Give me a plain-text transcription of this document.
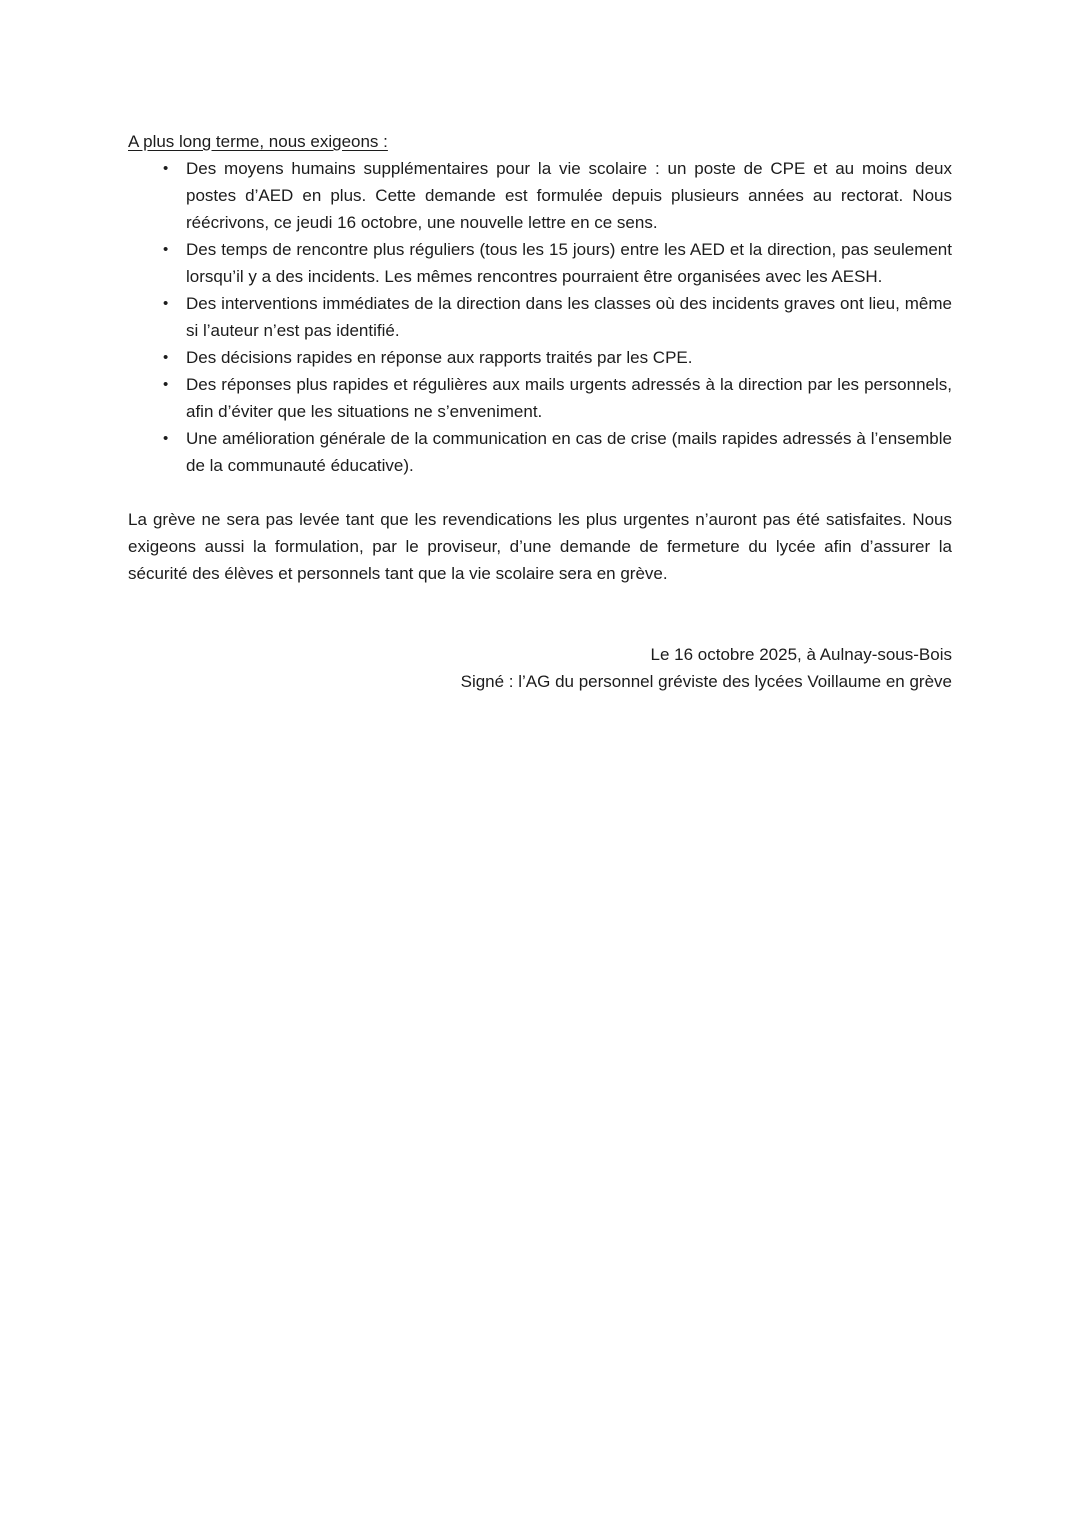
A plus long terme, nous exigeons :
• Des moyens humains supplémentaires pour la vie scolaire : un poste de CPE et au moins deux postes d’AED en plus. Cette demande est formulée depuis plusieurs années au rectorat. Nous réécrivons, ce jeudi 16 octobre, une nouvelle lettre en ce sens.
• Des temps de rencontre plus réguliers (tous les 15 jours) entre les AED et la direction, pas seulement lorsqu’il y a des incidents. Les mêmes rencontres pourraient être organisées avec les AESH.
• Des interventions immédiates de la direction dans les classes où des incidents graves ont lieu, même si l’auteur n’est pas identifié.
• Des décisions rapides en réponse aux rapports traités par les CPE.
• Des réponses plus rapides et régulières aux mails urgents adressés à la direction par les personnels, afin d’éviter que les situations ne s’enveniment.
• Une amélioration générale de la communication en cas de crise (mails rapides adressés à l’ensemble de la communauté éducative).

La grève ne sera pas levée tant que les revendications les plus urgentes n’auront pas été satisfaites. Nous exigeons aussi la formulation, par le proviseur, d’une demande de fermeture du lycée afin d’assurer la sécurité des élèves et personnels tant que la vie scolaire sera en grève.

Le 16 octobre 2025, à Aulnay-sous-Bois

Signé : l’AG du personnel gréviste des lycées Voillaume en grève
